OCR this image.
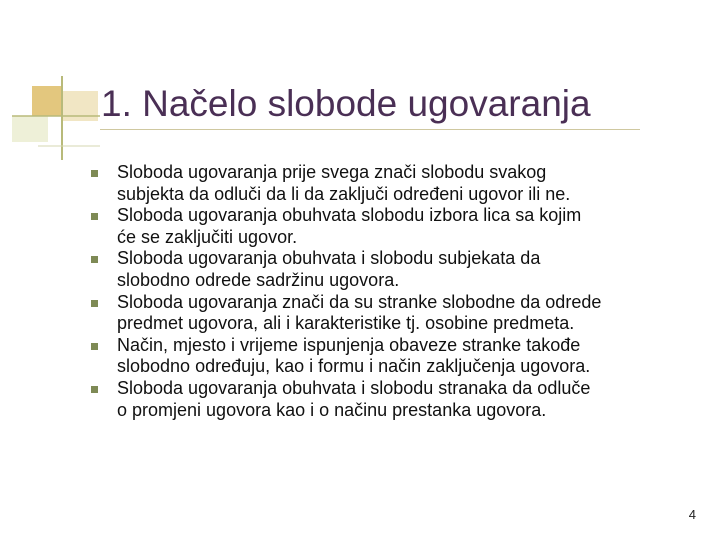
1. Načelo slobode ugovaranja
Sloboda ugovaranja prije svega znači slobodu svakog
subjekta da odluči da li da zaključi određeni ugovor ili ne.
Sloboda ugovaranja obuhvata slobodu izbora lica sa kojim
će se zaključiti ugovor.
Sloboda ugovaranja obuhvata i slobodu subjekata da
slobodno odrede sadržinu ugovora.
Sloboda ugovaranja znači da su stranke slobodne da odrede
predmet ugovora, ali i karakteristike tj. osobine predmeta.
Način, mjesto i vrijeme ispunjenja obaveze stranke takođe
slobodno određuju, kao i formu i način zaključenja ugovora.
Sloboda ugovaranja obuhvata i slobodu stranaka da odluče
o promjeni ugovora kao i o načinu prestanka ugovora.
4
